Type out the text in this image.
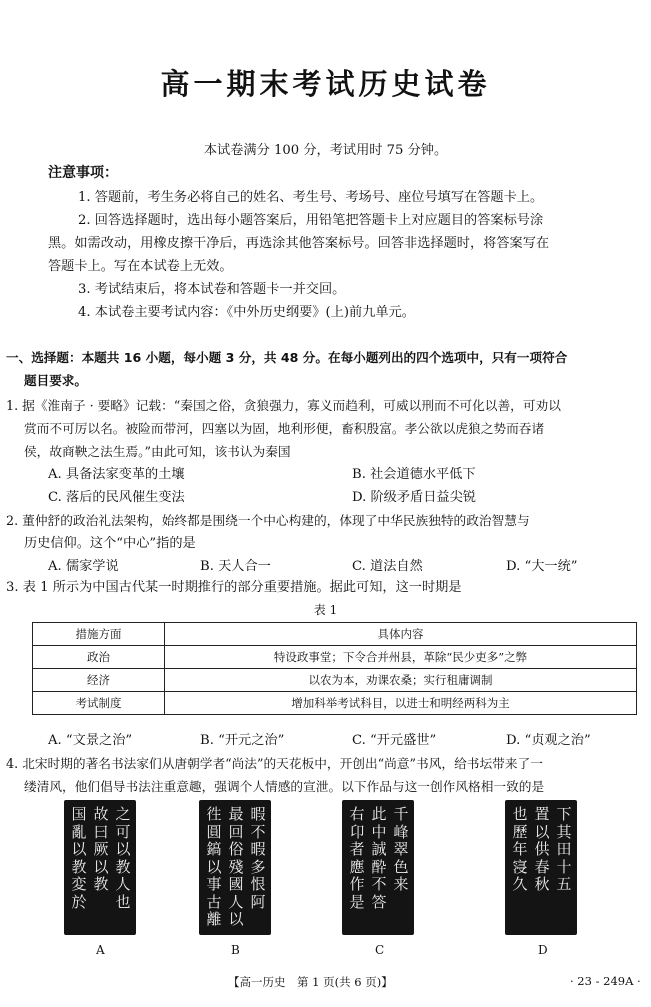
高一期末考试历史试卷
本试卷满分 100 分，考试用时 75 分钟。
注意事项：
1. 答题前，考生务必将自己的姓名、考生号、考场号、座位号填写在答题卡上。
2. 回答选择题时，选出每小题答案后，用铅笔把答题卡上对应题目的答案标号涂
黑。如需改动，用橡皮擦干净后，再选涂其他答案标号。回答非选择题时，将答案写在
答题卡上。写在本试卷上无效。
3. 考试结束后，将本试卷和答题卡一并交回。
4. 本试卷主要考试内容：《中外历史纲要》(上)前九单元。
一、选择题：本题共 16 小题，每小题 3 分，共 48 分。在每小题列出的四个选项中，只有一项符合
题目要求。
1. 据《淮南子 · 要略》记载：“秦国之俗，贪狼强力，寡义而趋利，可威以刑而不可化以善，可劝以
赏而不可厉以名。被险而带河，四塞以为固，地利形便，畜积殷富。孝公欲以虎狼之势而吞诸
侯，故商鞅之法生焉。”由此可知，该书认为秦国
A. 具备法家变革的土壤	B. 社会道德水平低下
C. 落后的民风催生变法	D. 阶级矛盾日益尖锐
2. 董仲舒的政治礼法架构，始终都是围绕一个中心构建的，体现了中华民族独特的政治智慧与
历史信仰。这个“中心”指的是
A. 儒家学说	B. 天人合一	C. 道法自然	D. “大一统”
3. 表 1 所示为中国古代某一时期推行的部分重要措施。据此可知，这一时期是
表 1
措施方面	具体内容
政治	特设政事堂；下令合并州县，革除“民少吏多”之弊
经济	以农为本，劝课农桑；实行租庸调制
考试制度	增加科举考试科目，以进士和明经两科为主
A. “文景之治”	B. “开元之治”	C. “开元盛世”	D. “贞观之治”
4. 北宋时期的著名书法家们从唐朝学者“尚法”的天花板中，开创出“尚意”书风，给书坛带来了一
缕清风，他们倡导书法注重意趣，强调个人情感的宣泄。以下作品与这一创作风格相一致的是
之
可
以
教
人
也
故
曰
厥
以
教
国
亂
以
教
変
於
暇
不
暇
多
恨
阿
最
回
俗
殘
國
人
以
徃
圓
鎬
以
事
古
離
千
峰
翠
色
来
此
中
誠
酔
不
答
右
卬
者
應
作
是
下
其
田
十
五
置
以
供
春
秋
也
歷
年
寖
久
A	B	C	D
【高一历史　第 1 页(共 6 页)】	· 23 - 249A ·
